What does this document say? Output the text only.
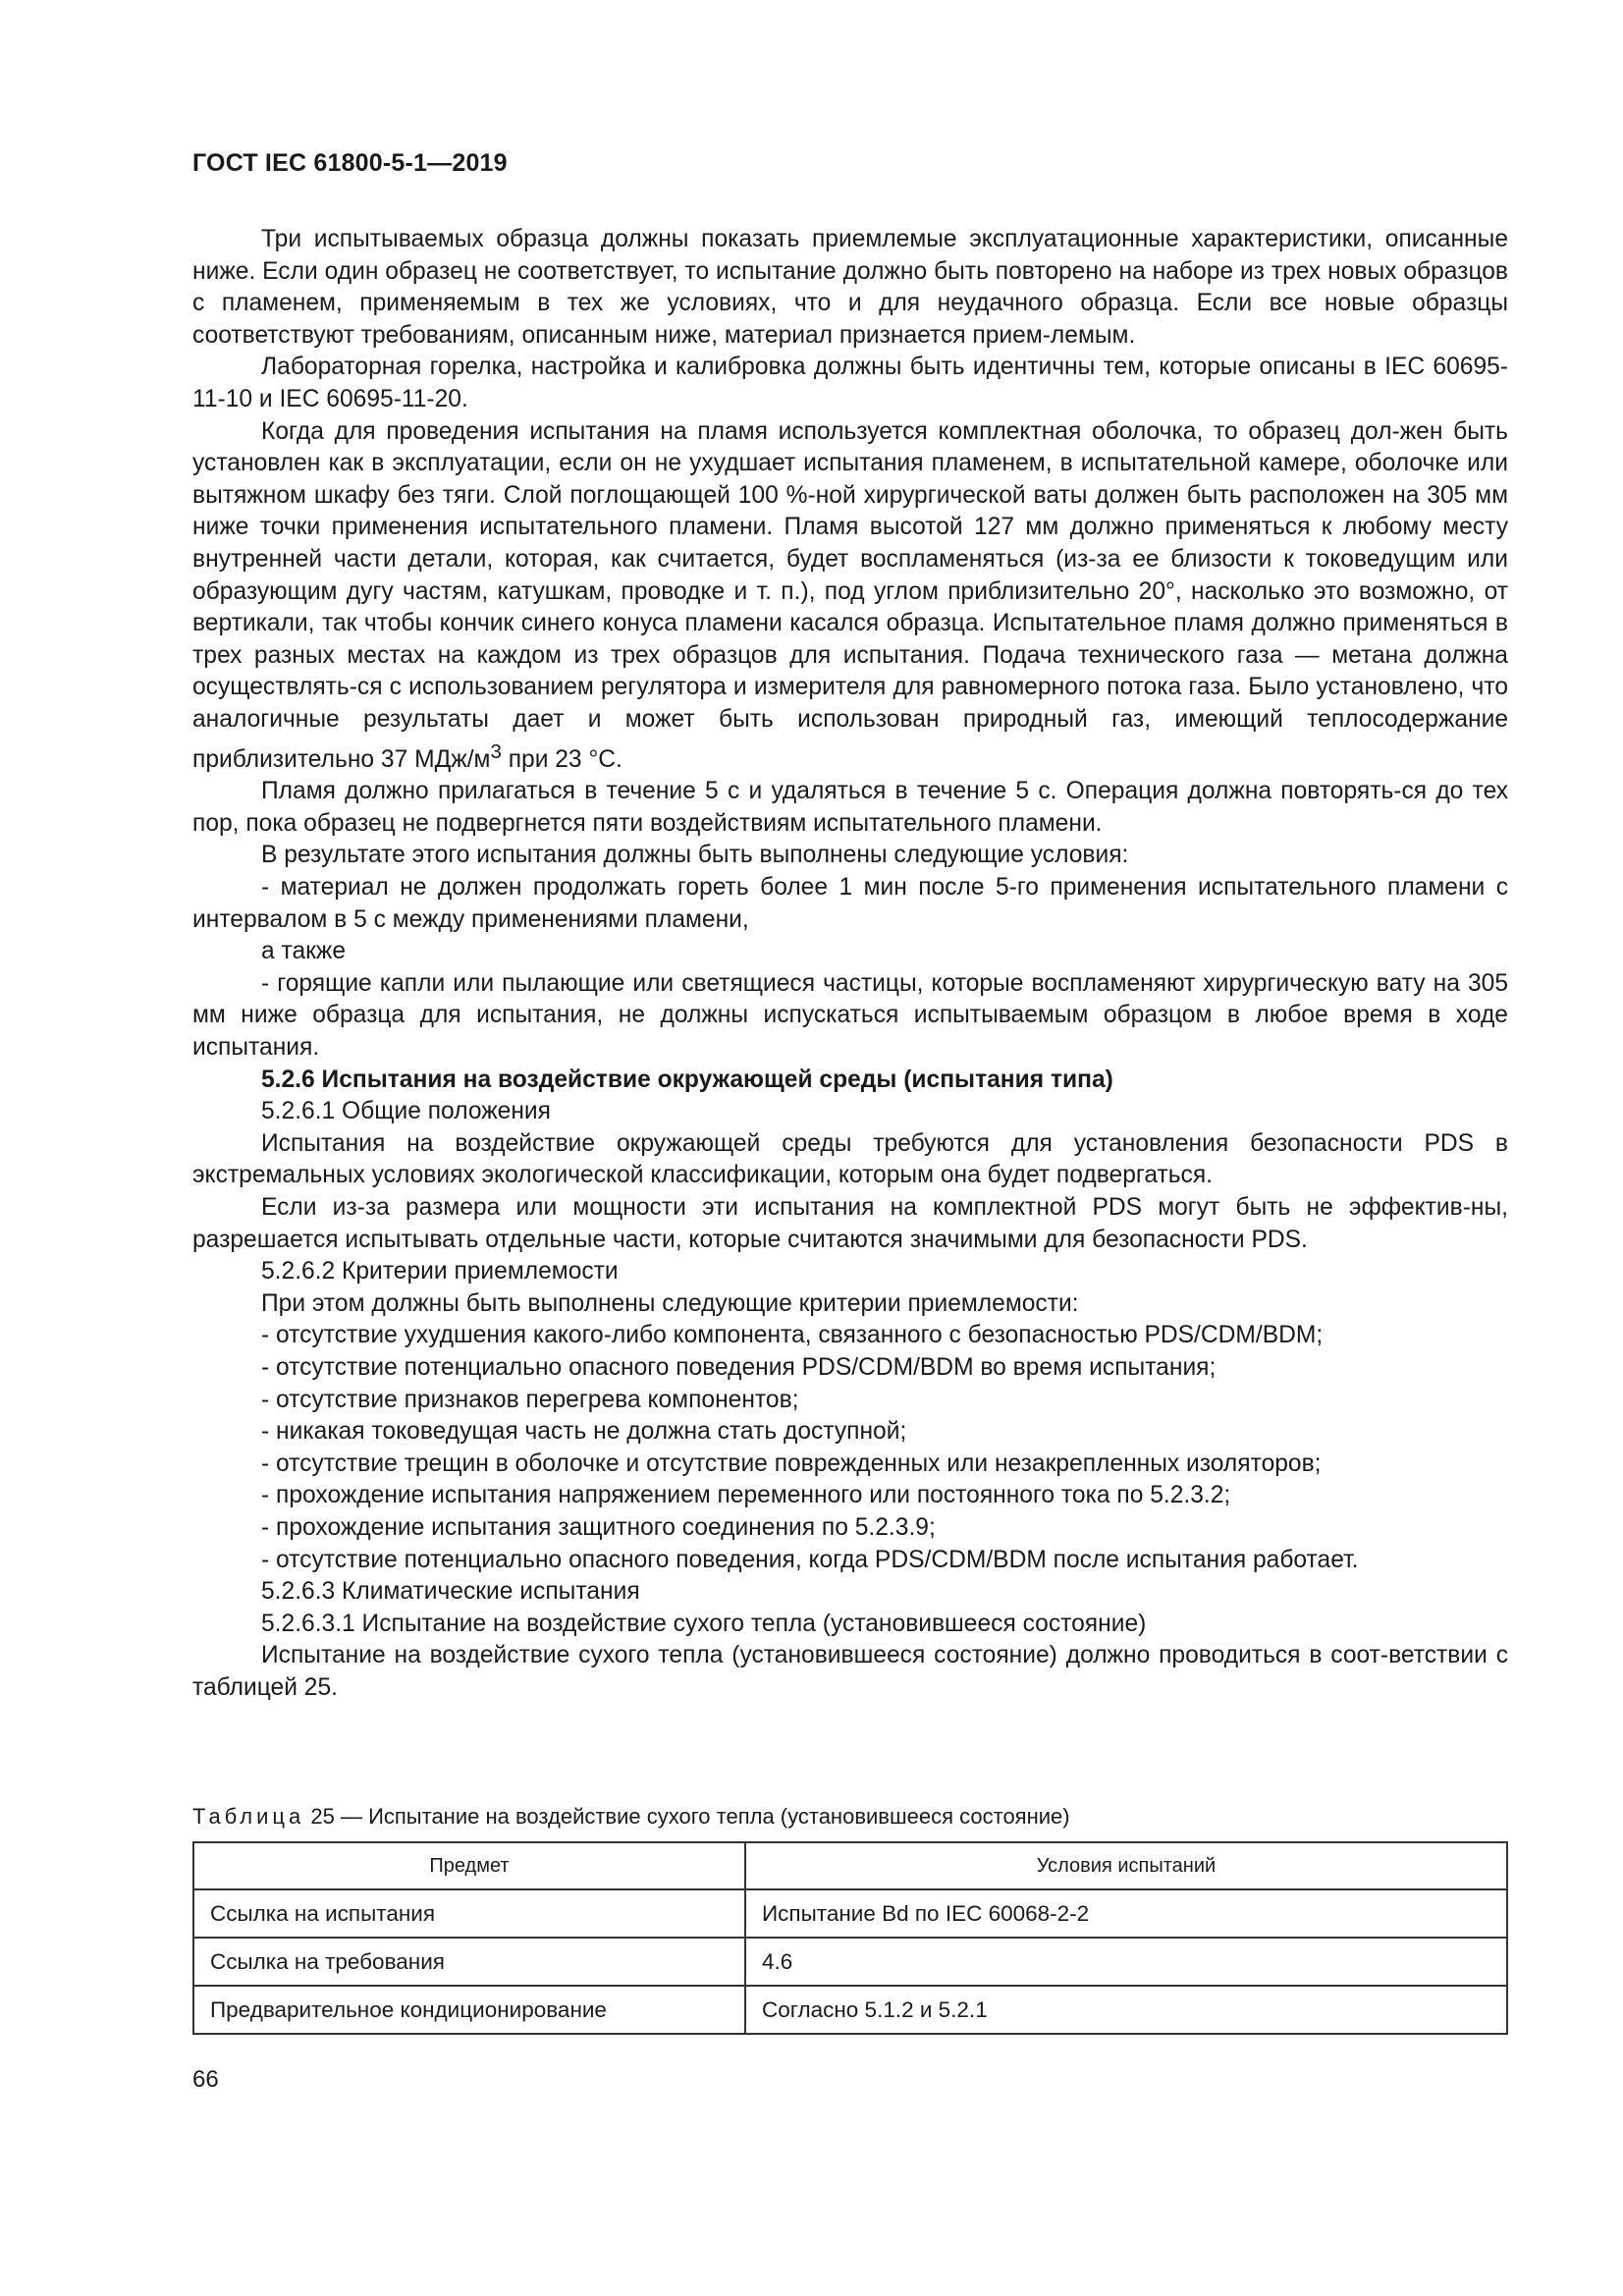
ГОСТ IEC 61800-5-1—2019

Три испытываемых образца должны показать приемлемые эксплуатационные характеристики, описанные ниже. Если один образец не соответствует, то испытание должно быть повторено на наборе из трех новых образцов с пламенем, применяемым в тех же условиях, что и для неудачного образца. Если все новые образцы соответствуют требованиям, описанным ниже, материал признается прием-лемым.

Лабораторная горелка, настройка и калибровка должны быть идентичны тем, которые описаны в IEC 60695-11-10 и IEC 60695-11-20.

Когда для проведения испытания на пламя используется комплектная оболочка, то образец дол-жен быть установлен как в эксплуатации, если он не ухудшает испытания пламенем, в испытательной камере, оболочке или вытяжном шкафу без тяги. Слой поглощающей 100 %-ной хирургической ваты должен быть расположен на 305 мм ниже точки применения испытательного пламени. Пламя высотой 127 мм должно применяться к любому месту внутренней части детали, которая, как считается, будет воспламеняться (из-за ее близости к токоведущим или образующим дугу частям, катушкам, проводке и т. п.), под углом приблизительно 20°, насколько это возможно, от вертикали, так чтобы кончик синего конуса пламени касался образца. Испытательное пламя должно применяться в трех разных местах на каждом из трех образцов для испытания. Подача технического газа — метана должна осуществлять-ся с использованием регулятора и измерителя для равномерного потока газа. Было установлено, что аналогичные результаты дает и может быть использован природный газ, имеющий теплосодержание приблизительно 37 МДж/$м^3$ при 23 °С.

Пламя должно прилагаться в течение 5 с и удаляться в течение 5 с. Операция должна повторять-ся до тех пор, пока образец не подвергнется пяти воздействиям испытательного пламени.

В результате этого испытания должны быть выполнены следующие условия:

- материал не должен продолжать гореть более 1 мин после 5-го применения испытательного пламени с интервалом в 5 с между применениями пламени,

а также

- горящие капли или пылающие или светящиеся частицы, которые воспламеняют хирургическую вату на 305 мм ниже образца для испытания, не должны испускаться испытываемым образцом в любое время в ходе испытания.

5.2.6 Испытания на воздействие окружающей среды (испытания типа)

5.2.6.1 Общие положения

Испытания на воздействие окружающей среды требуются для установления безопасности PDS в экстремальных условиях экологической классификации, которым она будет подвергаться.

Если из-за размера или мощности эти испытания на комплектной PDS могут быть не эффектив-ны, разрешается испытывать отдельные части, которые считаются значимыми для безопасности PDS.

5.2.6.2 Критерии приемлемости

При этом должны быть выполнены следующие критерии приемлемости:

- отсутствие ухудшения какого-либо компонента, связанного с безопасностью PDS/CDM/BDM;

- отсутствие потенциально опасного поведения PDS/CDM/BDM во время испытания;

- отсутствие признаков перегрева компонентов;

- никакая токоведущая часть не должна стать доступной;

- отсутствие трещин в оболочке и отсутствие поврежденных или незакрепленных изоляторов;

- прохождение испытания напряжением переменного или постоянного тока по 5.2.3.2;

- прохождение испытания защитного соединения по 5.2.3.9;

- отсутствие потенциально опасного поведения, когда PDS/CDM/BDM после испытания работает.

5.2.6.3 Климатические испытания

5.2.6.3.1 Испытание на воздействие сухого тепла (установившееся состояние)

Испытание на воздействие сухого тепла (установившееся состояние) должно проводиться в соот-ветствии с таблицей 25.

Таблица 25 — Испытание на воздействие сухого тепла (установившееся состояние)
Предмет	Условия испытаний
Ссылка на испытания	Испытание Bd по IEC 60068-2-2
Ссылка на требования	4.6
Предварительное кондиционирование	Согласно 5.1.2 и 5.2.1
66
